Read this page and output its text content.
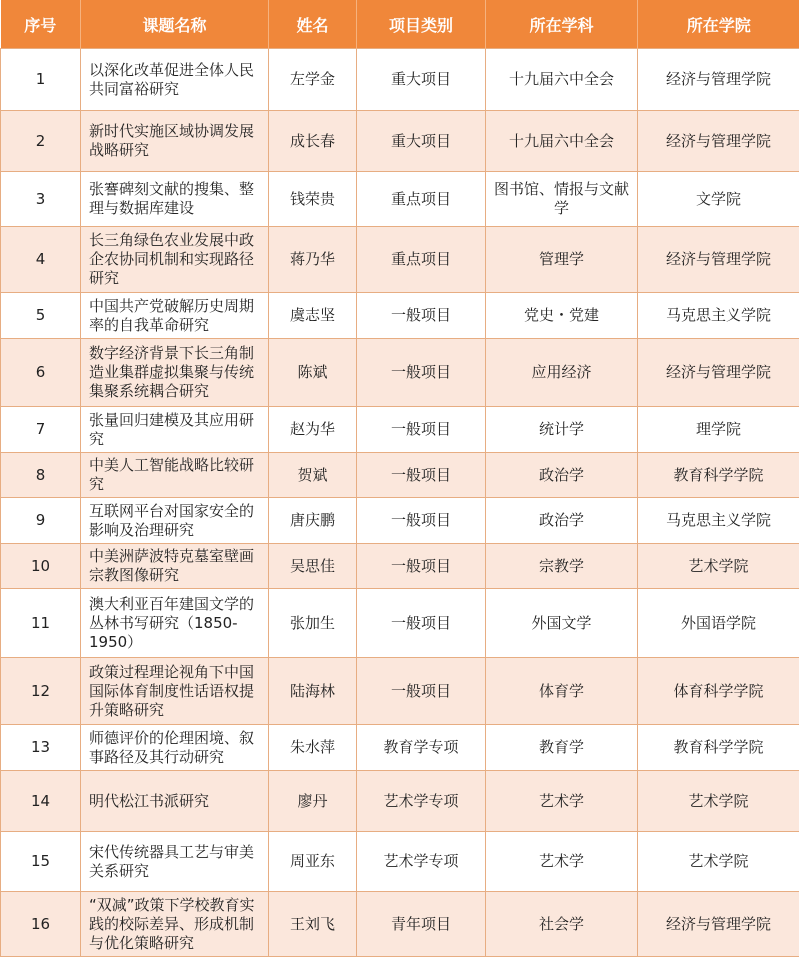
序号	课题名称	姓名	项目类别	所在学科	所在学院
1	以深化改革促进全体人民共同富裕研究	左学金	重大项目	十九届六中全会	经济与管理学院
2	新时代实施区域协调发展战略研究	成长春	重大项目	十九届六中全会	经济与管理学院
3	张謇碑刻文献的搜集、整理与数据库建设	钱荣贵	重点项目	图书馆、情报与文献学	文学院
4	长三角绿色农业发展中政企农协同机制和实现路径研究	蒋乃华	重点项目	管理学	经济与管理学院
5	中国共产党破解历史周期率的自我革命研究	虞志坚	一般项目	党史・党建	马克思主义学院
6	数字经济背景下长三角制造业集群虚拟集聚与传统集聚系统耦合研究	陈斌	一般项目	应用经济	经济与管理学院
7	张量回归建模及其应用研究	赵为华	一般项目	统计学	理学院
8	中美人工智能战略比较研究	贺斌	一般项目	政治学	教育科学学院
9	互联网平台对国家安全的影响及治理研究	唐庆鹏	一般项目	政治学	马克思主义学院
10	中美洲萨波特克墓室壁画宗教图像研究	吴思佳	一般项目	宗教学	艺术学院
11	澳大利亚百年建国文学的丛林书写研究（1850-1950）	张加生	一般项目	外国文学	外国语学院
12	政策过程理论视角下中国国际体育制度性话语权提升策略研究	陆海林	一般项目	体育学	体育科学学院
13	师德评价的伦理困境、叙事路径及其行动研究	朱水萍	教育学专项	教育学	教育科学学院
14	明代松江书派研究	廖丹	艺术学专项	艺术学	艺术学院
15	宋代传统器具工艺与审美关系研究	周亚东	艺术学专项	艺术学	艺术学院
16	“双减”政策下学校教育实践的校际差异、形成机制与优化策略研究	王刘飞	青年项目	社会学	经济与管理学院
